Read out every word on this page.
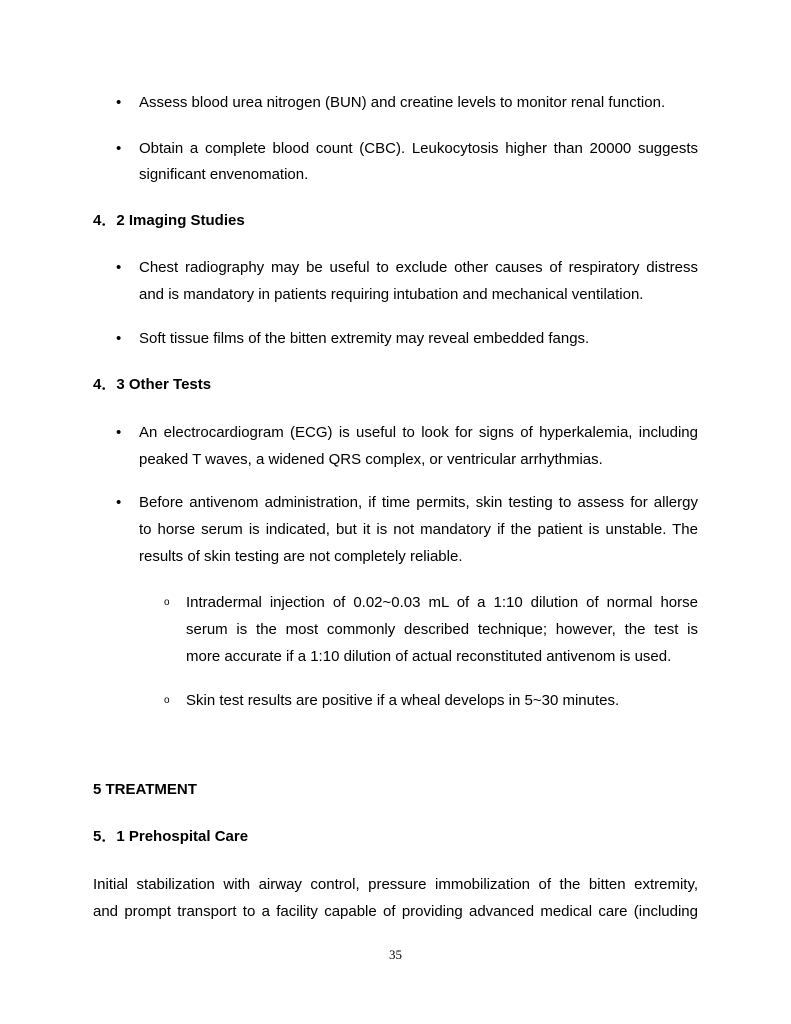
• Assess blood urea nitrogen (BUN) and creatine levels to monitor renal function.
• Obtain a complete blood count (CBC). Leukocytosis higher than 20000 suggests
significant envenomation.
4．2 Imaging Studies
• Chest radiography may be useful to exclude other causes of respiratory distress
and is mandatory in patients requiring intubation and mechanical ventilation.
• Soft tissue films of the bitten extremity may reveal embedded fangs.
4．3 Other Tests
• An electrocardiogram (ECG) is useful to look for signs of hyperkalemia, including
peaked T waves, a widened QRS complex, or ventricular arrhythmias.
• Before antivenom administration, if time permits, skin testing to assess for allergy
to horse serum is indicated, but it is not mandatory if the patient is unstable. The
results of skin testing are not completely reliable.
o Intradermal injection of 0.02~0.03 mL of a 1:10 dilution of normal horse
serum is the most commonly described technique; however, the test is
more accurate if a 1:10 dilution of actual reconstituted antivenom is used.
o Skin test results are positive if a wheal develops in 5~30 minutes.
5 TREATMENT
5．1 Prehospital Care
Initial stabilization with airway control, pressure immobilization of the bitten extremity,
and prompt transport to a facility capable of providing advanced medical care (including
35
